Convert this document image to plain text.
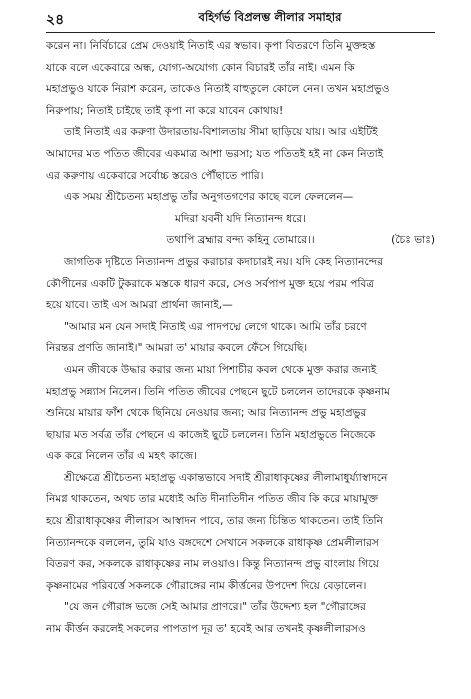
২৪	বহিৰ্গৰ্ভ বিপ্ৰলম্ভ লীলার সমাহার
করেন না। নির্বিচারে প্রেম দেওয়াই নিতাই এর স্বভাব। কৃপা বিতরণে তিনি মুক্তহস্ত
যাকে বলে একেবারে অন্ধ, যোগ্য-অযোগ্য কোন বিচারই তাঁর নাই। এমন কি
মহাপ্রভুও যাকে নিরাশ করেন, তাকেও নিতাই বাহুতুলে কোলে নেন। তখন মহাপ্রভুও
নিরুপায়; নিতাই চাইছে তাই কৃপা না করে যাবেন কোথায়!
তাই নিতাই এর করুণা উদারতায়-বিশালতায় সীমা ছাড়িয়ে যায়। আর এইটিই
আমাদের মত পতিত জীবের একমাত্র আশা ভরসা; যত পতিতই হই না কেন নিতাই
এর করুণায় একেবারে সর্বোচ্চ স্তরেও পৌঁছাতে পারি।
এক সময় শ্রীচৈতন্য মহাপ্রভু তাঁর অনুগতগণের কাছে বলে ফেললেন—
মদিরা যবনী যদি নিত্যানন্দ ধরে।
তথাপি ব্রহ্মার বন্দ্য কহিনু তোমারে।।	(চৈঃ ভাঃ)
জাগতিক দৃষ্টিতে নিত্যানন্দ প্রভুর করাচার কদাচারই নয়। যদি কেহ নিত্যানন্দের
কৌপীনের একটি টুকরাকে মস্তকে ধারণ করে, সেও সর্বপাপ মুক্ত হয়ে পরম পবিত্র
হয়ে যাবে। তাই এস আমরা প্রার্থনা জানাই,—
"আমার মন যেন সদাই নিতাই এর পাদপদ্মে লেগে থাকে। আমি তাঁর চরণে
নিরন্তর প্রণতি জানাই।" আমরা ত' মায়ার কবলে ফেঁসে গিয়েছি।
এমন জীবকে উদ্ধার করার জন্য মায়া পিশাচীর কবল থেকে মুক্ত করার জন্যই
মহাপ্রভু সন্ন্যাস নিলেন। তিনি পতিত জীবের পেছনে ছুটে চললেন তাদেরকে কৃষ্ণনাম
শুনিয়ে মায়ার ফাঁশ থেকে ছিনিয়ে নেওয়ার জন্য; আর নিত্যানন্দ প্রভু মহাপ্রভুর
ছায়ার মত সর্বত্র তাঁর পেছনে এ কাজেই ছুটে চললেন। তিনি মহাপ্রভুতে নিজেকে
এক করে নিলেন তাঁর এ মহৎ কাজে।
শ্রীক্ষেত্রে শ্রীচৈতন্য মহাপ্রভু একান্তভাবে সদাই শ্রীরাধাকৃষ্ণের লীলামাধুর্য্যাস্বাদনে
নিমগ্ন থাকতেন, অথচ তার মধ্যেই অতি দীনাতিদীন পতিত জীব কি করে মায়ামুক্ত
হয়ে শ্রীরাধাকৃষ্ণের লীলারস আস্বাদন পাবে, তার জন্য চিন্তিত থাকতেন। তাই তিনি
নিত্যানন্দকে বললেন, তুমি যাও বঙ্গদেশে সেখানে সকলকে রাধাকৃষ্ণ প্রেমলীলারস
বিতরণ কর, সকলকে রাধাকৃষ্ণের নাম লওয়াও। কিন্তু নিত্যানন্দ প্রভু বাংলায় গিয়ে
কৃষ্ণনামের পরিবর্ত্তে সকলকে গৌরাঙ্গের নাম কীর্ত্তনের উপদেশ দিয়ে বেড়ালেন।
"যে জন গৌরাঙ্গ ভজে সেই আমার প্রাণরে।" তাঁর উদ্দেশ্য হল "গৌরাঙ্গের
নাম কীর্ত্তন করলেই সকলের পাপতাপ দূর ত' হবেই আর তখনই কৃষ্ণলীলারসও
